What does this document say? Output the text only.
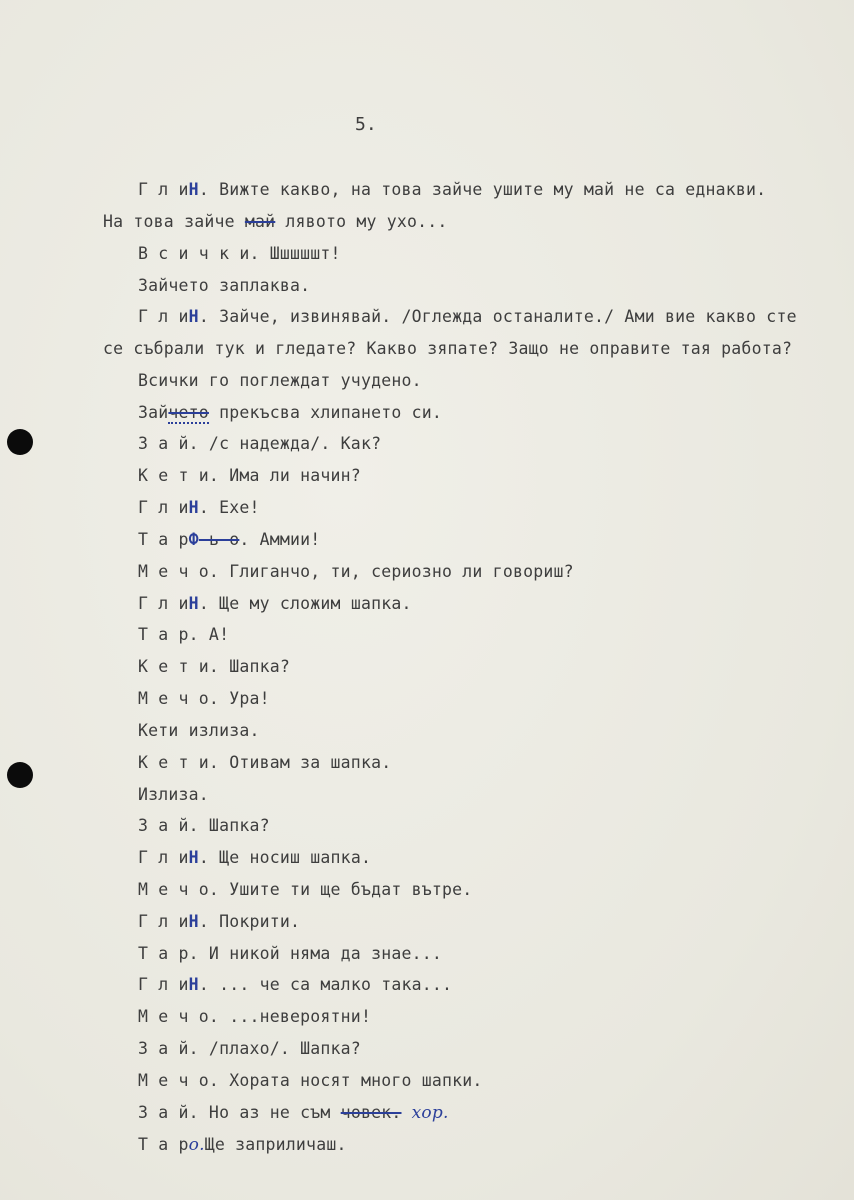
5.
Г л иН. Вижте какво, на това зайче ушите му май не са еднакви.
На това зайче май лявото му ухо...
В с и ч к и. Шшшшшт!
Зайчето заплаква.
Г л иН. Зайче, извинявай. /Оглежда останалите./ Ами вие какво сте
се събрали тук и гледате? Какво зяпате? Защо не оправите тая работа?
Всички го поглеждат учудено.
Зайчето прекъсва хлипането си.
З а й. /с надежда/. Как?
К е т и. Има ли начин?
Г л иН. Ехе!
Т а рФ ь о. Аммии!
М е ч о. Глиганчо, ти, сериозно ли говориш?
Г л иН. Ще му сложим шапка.
Т а р. А!
К е т и. Шапка?
М е ч о. Ура!
Кети излиза.
К е т и. Отивам за шапка.
Излиза.
З а й. Шапка?
Г л иН. Ще носиш шапка.
М е ч о. Ушите ти ще бъдат вътре.
Г л иН. Покрити.
Т а р. И никой няма да знае...
Г л иН. ... че са малко така...
М е ч о. ...невероятни!
З а й. /плахо/. Шапка?
М е ч о. Хората носят много шапки.
З а й. Но аз не съм човек. хор.
Т а ро.Ще заприличаш.
